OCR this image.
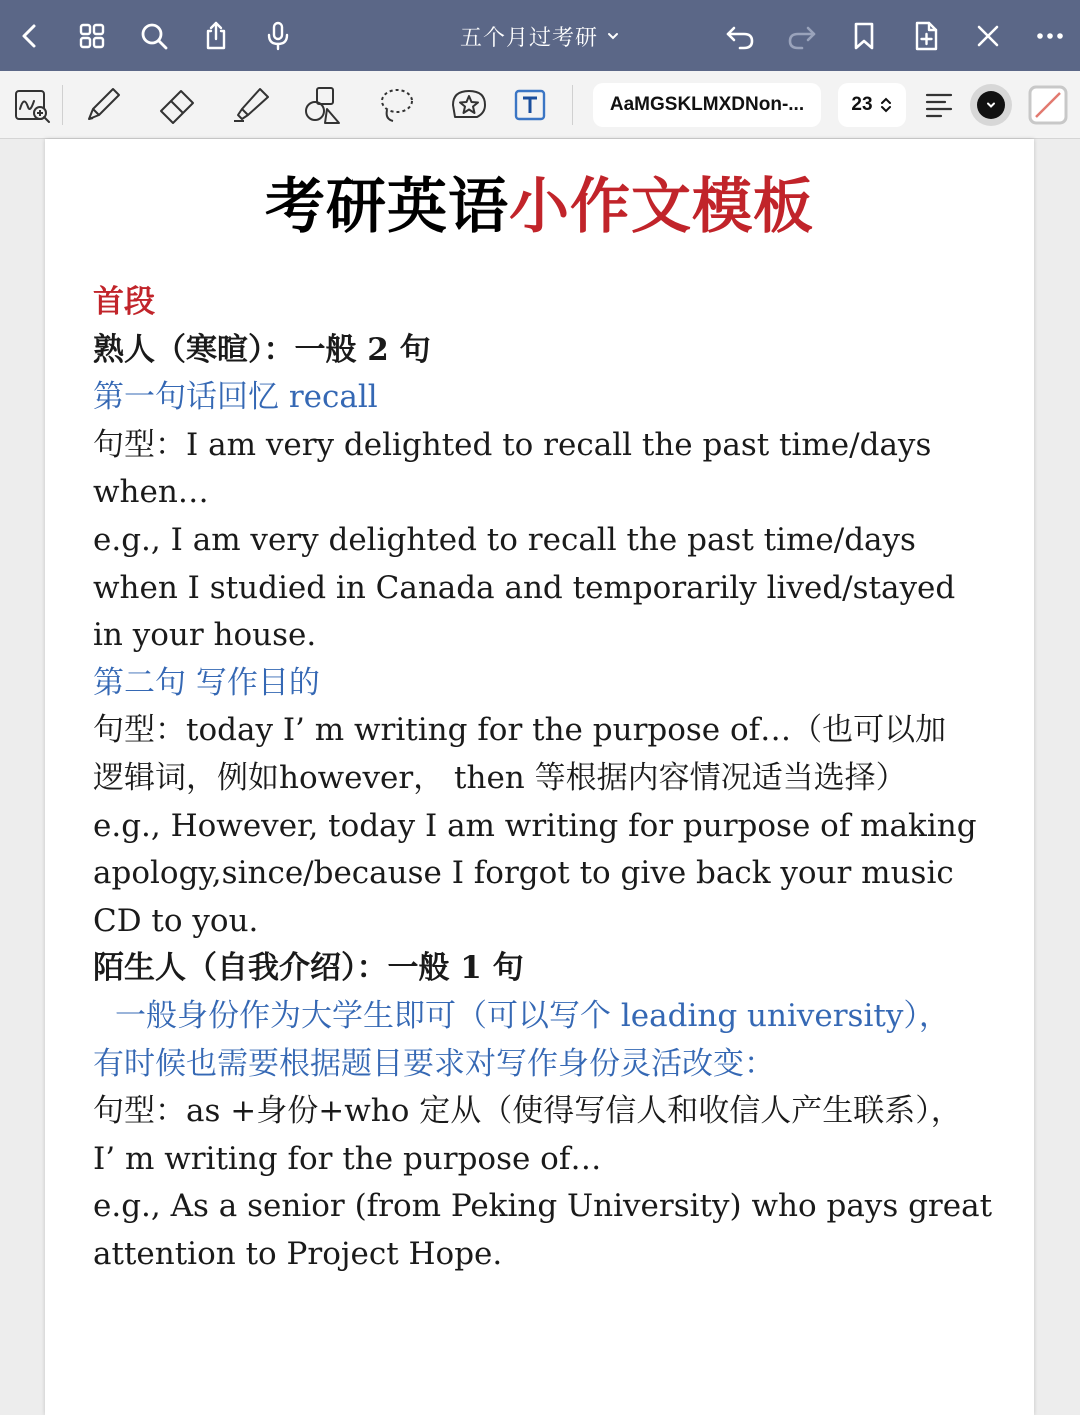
五个月过考研
AaMGSKLMXDNon-... 23
考研英语小作文模板
首段
熟人（寒暄）：一般 2 句
第一句话回忆 recall
句型：I am very delighted to recall the past time/days
when…
e.g., I am very delighted to recall the past time/days
when I studied in Canada and temporarily lived/stayed
in your house.
第二句 写作目的
句型：today I’ m writing for the purpose of…（也可以加
逻辑词，例如however， then 等根据内容情况适当选择）
e.g., However, today I am writing for purpose of making
apology,since/because I forgot to give back your music
CD to you.
陌生人（自我介绍）：一般 1 句
一般身份作为大学生即可（可以写个 leading university），
有时候也需要根据题目要求对写作身份灵活改变：
句型：as +身份+who 定从（使得写信人和收信人产生联系），
I’ m writing for the purpose of…
e.g., As a senior (from Peking University) who pays great
attention to Project Hope.
